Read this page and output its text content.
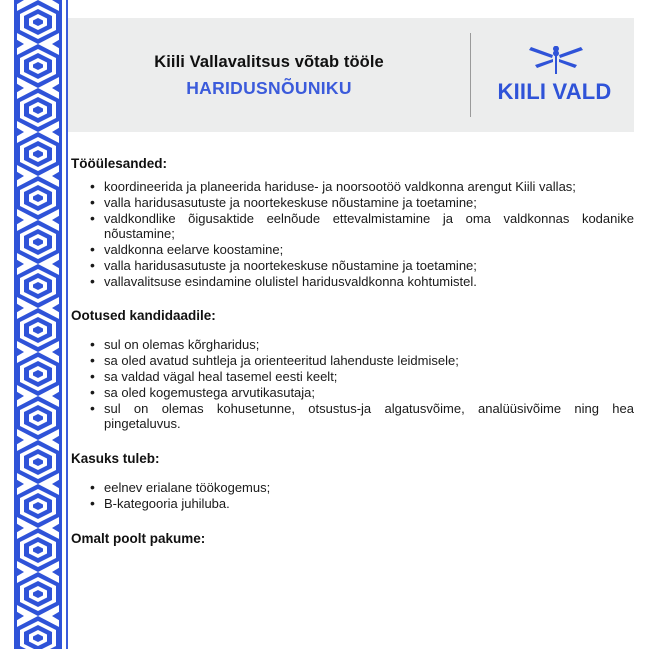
Kiili Vallavalitsus võtab tööle
HARIDUSNÕUNIKU	KIILI VALD
Tööülesanded:
• koordineerida ja planeerida hariduse- ja noorsootöö valdkonna arengut Kiili vallas;
• valla haridusasutuste ja noortekeskuse nõustamine ja toetamine;
• valdkondlike õigusaktide eelnõude ettevalmistamine ja oma valdkonnas kodanike nõustamine;
• valdkonna eelarve koostamine;
• valla haridusasutuste ja noortekeskuse nõustamine ja toetamine;
• vallavalitsuse esindamine olulistel haridusvaldkonna kohtumistel.
Ootused kandidaadile:
• sul on olemas kõrgharidus;
• sa oled avatud suhtleja ja orienteeritud lahenduste leidmisele;
• sa valdad vägal heal tasemel eesti keelt;
• sa oled kogemustega arvutikasutaja;
• sul on olemas kohusetunne, otsustus-ja algatusvõime, analüüsivõime ning hea pingetaluvus.
Kasuks tuleb:
• eelnev erialane töökogemus;
• B-kategooria juhiluba.
Omalt poolt pakume:
